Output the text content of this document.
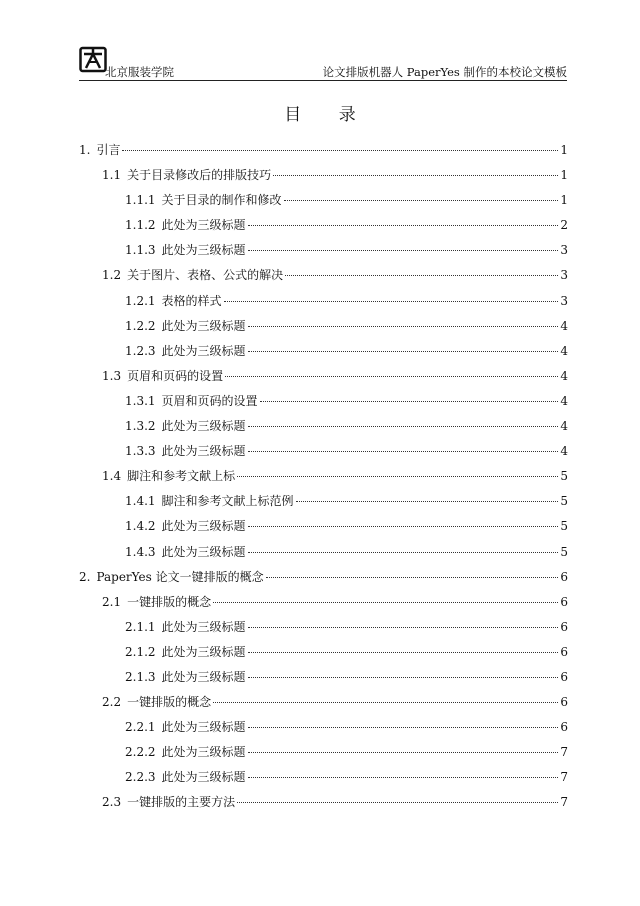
北京服装学院	论文排版机器人 PaperYes 制作的本校论文模板
目 录
1. 引言	1
1.1 关于目录修改后的排版技巧	1
1.1.1 关于目录的制作和修改	1
1.1.2 此处为三级标题	2
1.1.3 此处为三级标题	3
1.2 关于图片、表格、公式的解决	3
1.2.1 表格的样式	3
1.2.2 此处为三级标题	4
1.2.3 此处为三级标题	4
1.3 页眉和页码的设置	4
1.3.1 页眉和页码的设置	4
1.3.2 此处为三级标题	4
1.3.3 此处为三级标题	4
1.4 脚注和参考文献上标	5
1.4.1 脚注和参考文献上标范例	5
1.4.2 此处为三级标题	5
1.4.3 此处为三级标题	5
2. PaperYes 论文一键排版的概念	6
2.1 一键排版的概念	6
2.1.1 此处为三级标题	6
2.1.2 此处为三级标题	6
2.1.3 此处为三级标题	6
2.2 一键排版的概念	6
2.2.1 此处为三级标题	6
2.2.2 此处为三级标题	7
2.2.3 此处为三级标题	7
2.3 一键排版的主要方法	7
